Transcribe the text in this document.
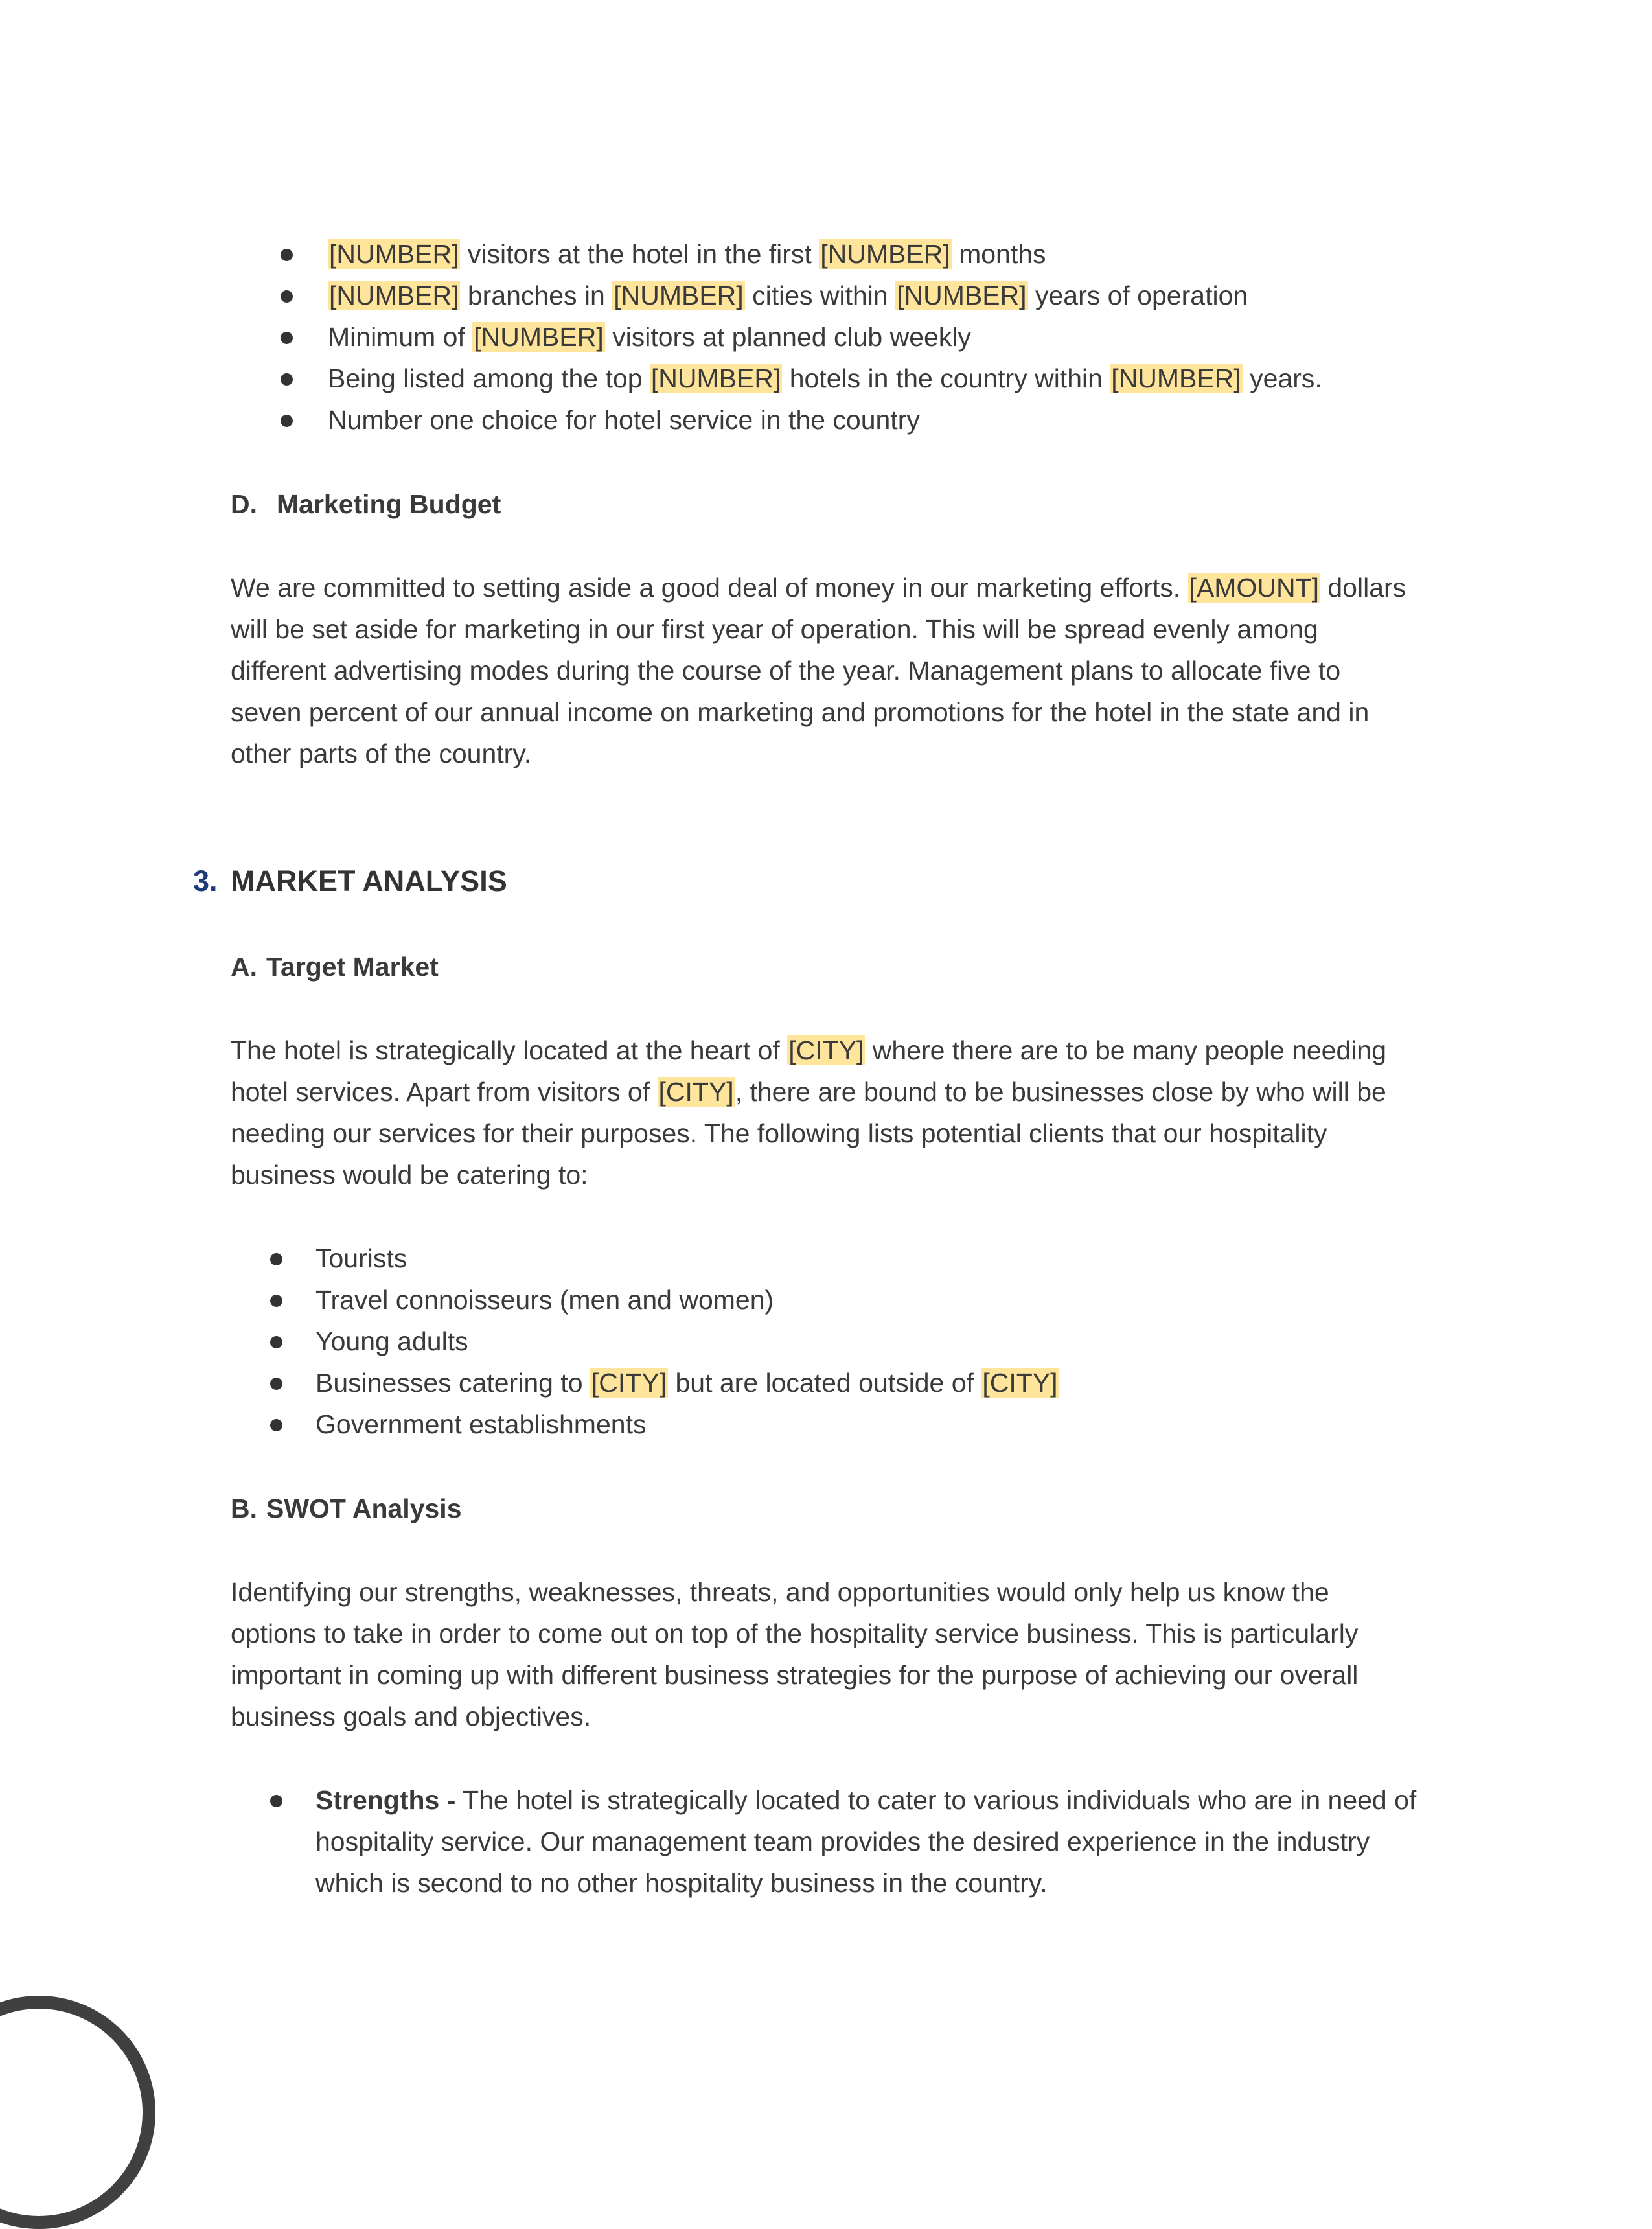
[NUMBER] visitors at the hotel in the first [NUMBER] months
[NUMBER] branches in [NUMBER] cities within [NUMBER] years of operation
Minimum of [NUMBER] visitors at planned club weekly
Being listed among the top [NUMBER] hotels in the country within [NUMBER] years.
Number one choice for hotel service in the country
D. Marketing Budget
We are committed to setting aside a good deal of money in our marketing efforts. [AMOUNT] dollars
will be set aside for marketing in our first year of operation. This will be spread evenly among
different advertising modes during the course of the year. Management plans to allocate five to
seven percent of our annual income on marketing and promotions for the hotel in the state and in
other parts of the country.
3. MARKET ANALYSIS
A. Target Market
The hotel is strategically located at the heart of [CITY] where there are to be many people needing
hotel services. Apart from visitors of [CITY], there are bound to be businesses close by who will be
needing our services for their purposes. The following lists potential clients that our hospitality
business would be catering to:
Tourists
Travel connoisseurs (men and women)
Young adults
Businesses catering to [CITY] but are located outside of [CITY]
Government establishments
B. SWOT Analysis
Identifying our strengths, weaknesses, threats, and opportunities would only help us know the
options to take in order to come out on top of the hospitality service business. This is particularly
important in coming up with different business strategies for the purpose of achieving our overall
business goals and objectives.
Strengths - The hotel is strategically located to cater to various individuals who are in need of
hospitality service. Our management team provides the desired experience in the industry
which is second to no other hospitality business in the country.
